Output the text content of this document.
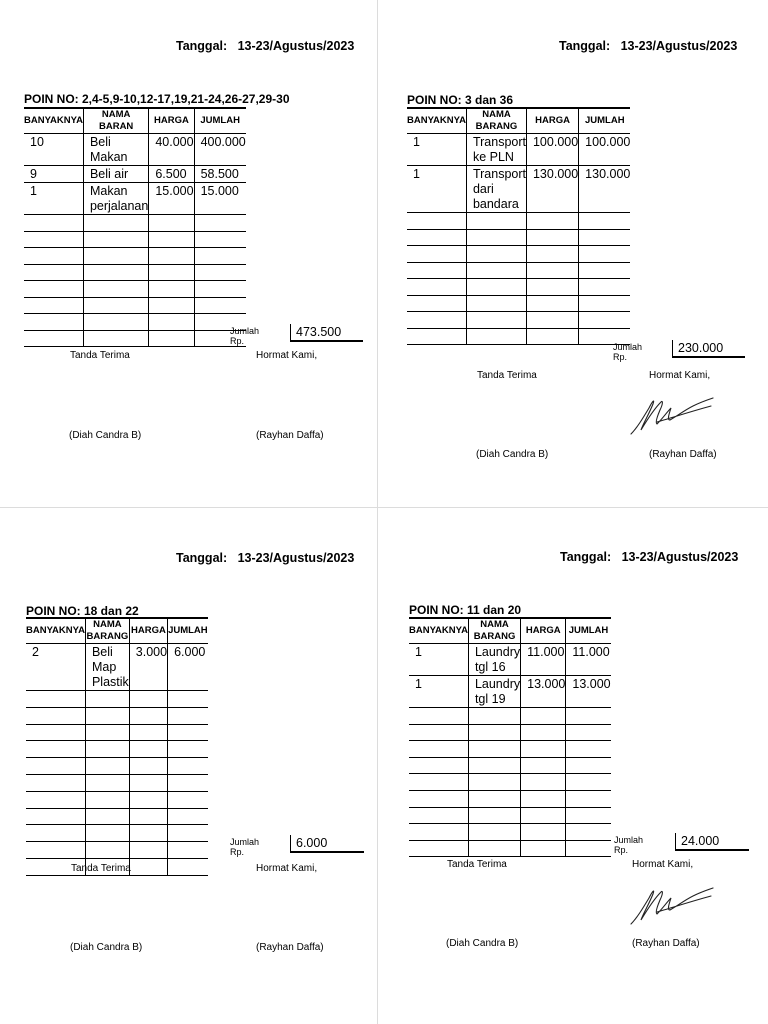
Tanggal: 13-23/Agustus/2023
POIN NO: 2,4-5,9-10,12-17,19,21-24,26-27,29-30
BANYAKNYA	NAMA BARAN	HARGA	JUMLAH
10	Beli Makan	40.000	400.000
9	Beli air	6.500	58.500
1	Makan perjalanan	15.000	15.000

Jumlah Rp.
473.500
Tanda Terima	Hormat Kami,
(Diah Candra B)	(Rayhan Daffa)
Tanggal: 13-23/Agustus/2023
POIN NO: 3 dan 36
BANYAKNYA	NAMA BARANG	HARGA	JUMLAH
1	Transport ke PLN	100.000	100.000
1	Transport dari bandara	130.000	130.000

Jumlah Rp.
230.000
Tanda Terima	Hormat Kami,
(Diah Candra B)	(Rayhan Daffa)
Tanggal: 13-23/Agustus/2023
POIN NO: 18 dan 22
BANYAKNYA	NAMA BARANG	HARGA	JUMLAH
2	Beli Map Plastik	3.000	6.000

Jumlah Rp.
6.000
Tanda Terima	Hormat Kami,
(Diah Candra B)	(Rayhan Daffa)
Tanggal: 13-23/Agustus/2023
POIN NO: 11 dan 20
BANYAKNYA	NAMA BARANG	HARGA	JUMLAH
1	Laundry tgl 16	11.000	11.000
1	Laundry tgl 19	13.000	13.000

Jumlah Rp.
24.000
Tanda Terima	Hormat Kami,
(Diah Candra B)	(Rayhan Daffa)
